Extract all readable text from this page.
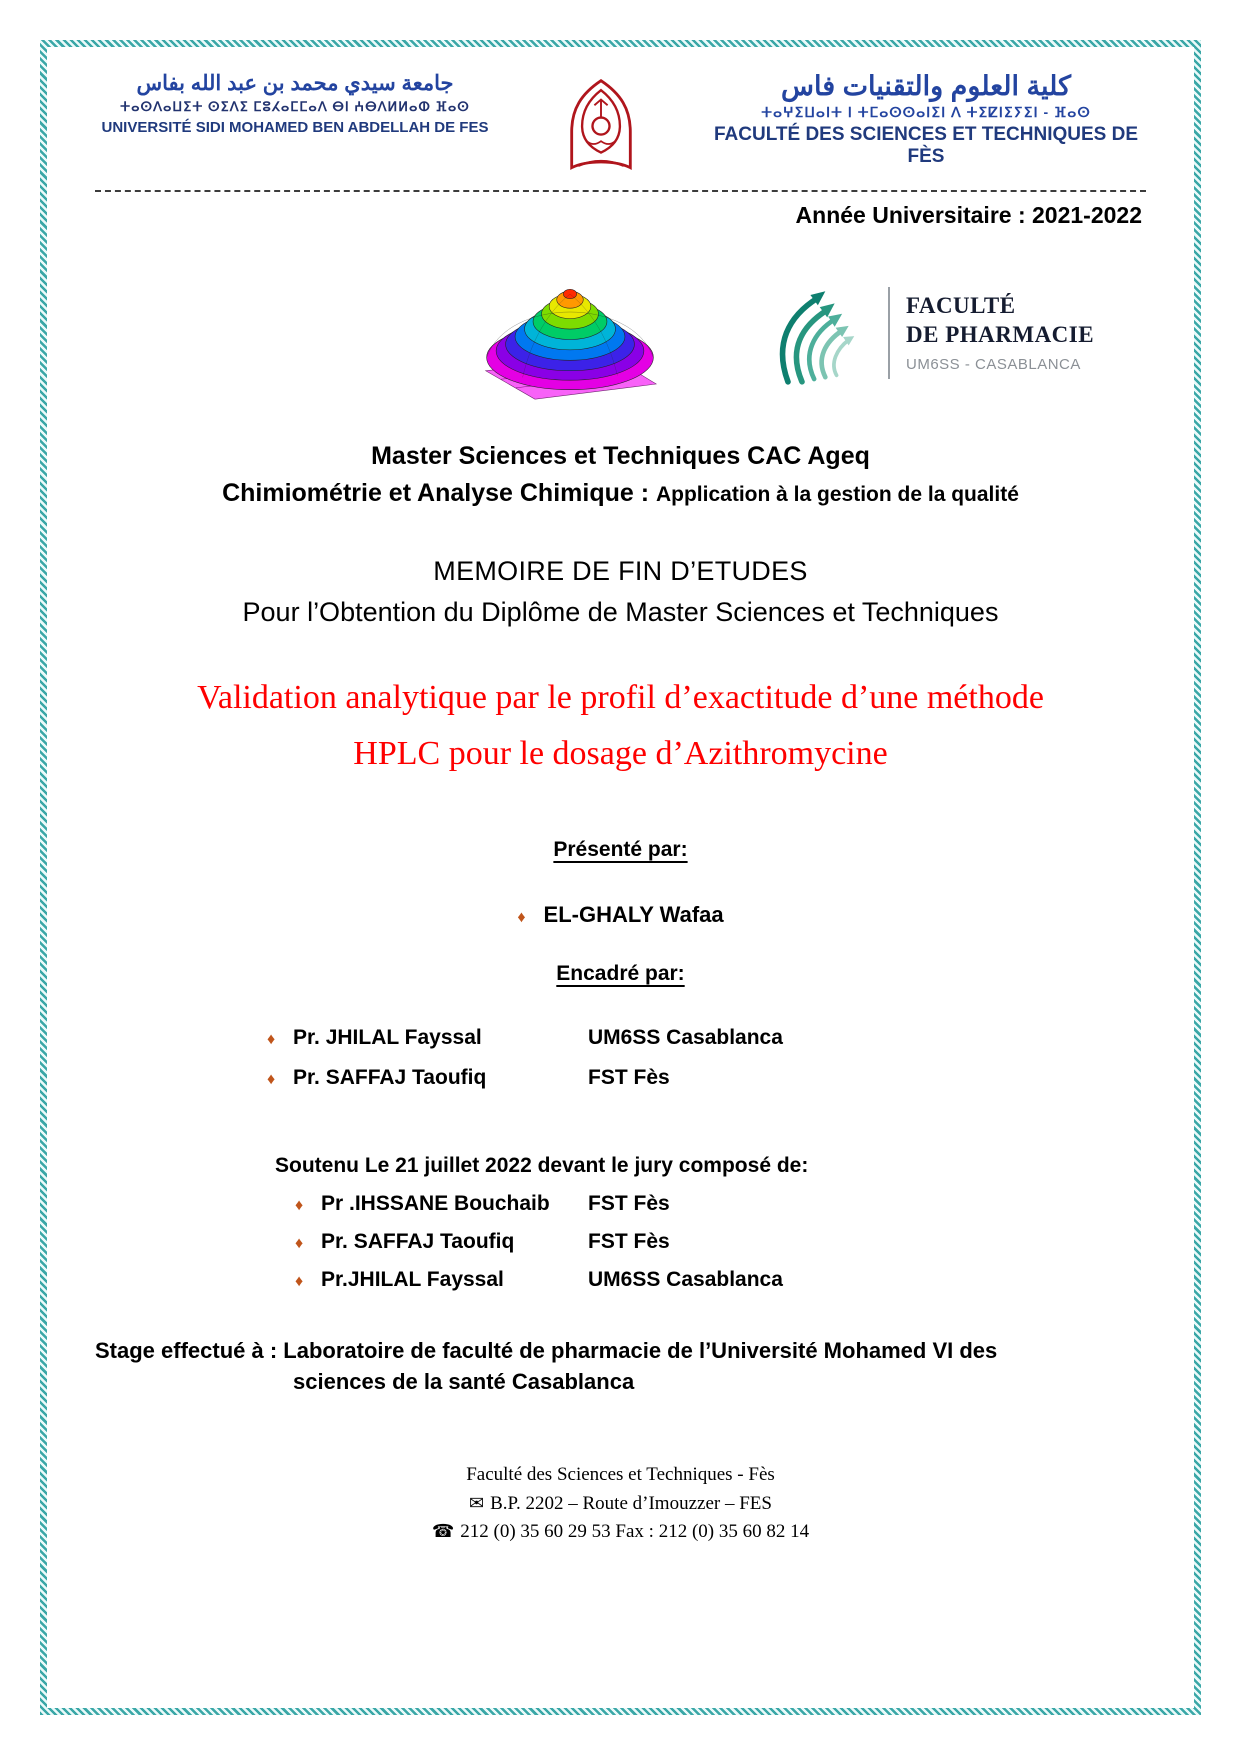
جامعة سيدي محمد بن عبد الله بفاس
ⵜⴰⵙⴷⴰⵡⵉⵜ ⵙⵉⴷⵉ ⵎⵓⵃⴰⵎⵎⴰⴷ ⴱⵏ ⵄⴱⴷⵍⵍⴰⵀ ⴼⴰⵙ
UNIVERSITÉ SIDI MOHAMED BEN ABDELLAH DE FES
كلية العلوم والتقنيات فاس
ⵜⴰⵖⵉⵡⴰⵏⵜ ⵏ ⵜⵎⴰⵙⵙⴰⵏⵉⵏ ⴷ ⵜⵉⵇⵏⵉⵢⵉⵏ - ⴼⴰⵙ
FACULTÉ DES SCIENCES ET TECHNIQUES DE FÈS
Année Universitaire : 2021-2022
FACULTÉ
DE PHARMACIE
UM6SS - CASABLANCA
Master Sciences et Techniques CAC Ageq
Chimiométrie et Analyse Chimique : Application à la gestion de la qualité
MEMOIRE DE FIN D’ETUDES
Pour l’Obtention du Diplôme de Master Sciences et Techniques
Validation analytique par le profil d’exactitude d’une méthode
HPLC pour le dosage d’Azithromycine
Présenté par:
♦ EL-GHALY Wafaa
Encadré par:
♦ Pr. JHILAL Fayssal	UM6SS Casablanca
♦ Pr. SAFFAJ Taoufiq	FST Fès
Soutenu Le 21 juillet 2022 devant le jury composé de:
♦ Pr .IHSSANE Bouchaib	FST Fès
♦ Pr. SAFFAJ Taoufiq	FST Fès
♦ Pr.JHILAL Fayssal	UM6SS Casablanca
Stage effectué à : Laboratoire de faculté de pharmacie de l’Université Mohamed VI des
sciences de la santé Casablanca
Faculté des Sciences et Techniques - Fès
✉ B.P. 2202 – Route d’Imouzzer – FES
☎ 212 (0) 35 60 29 53 Fax : 212 (0) 35 60 82 14
